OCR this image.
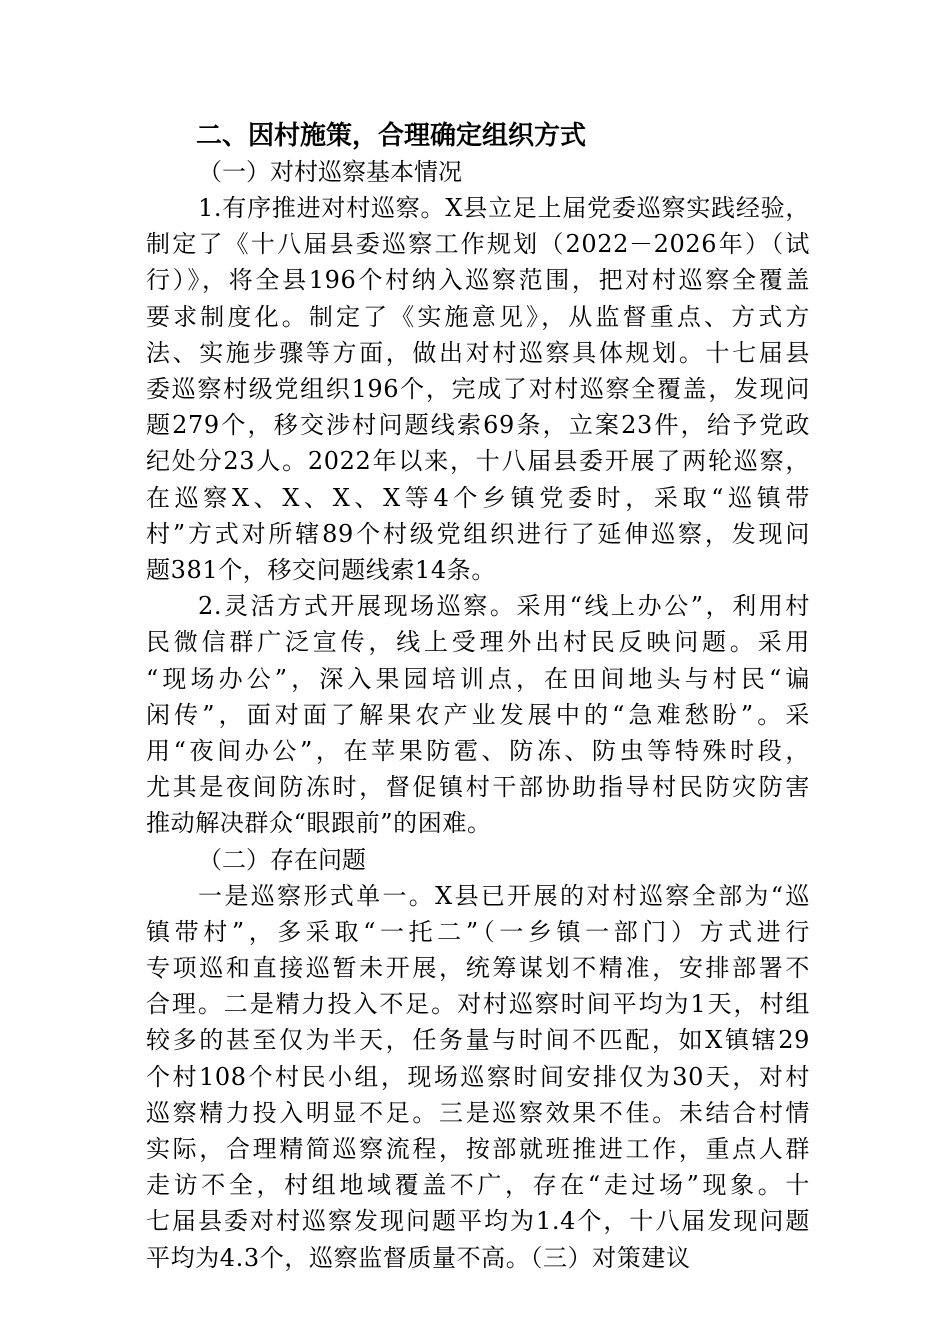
二、因村施策，合理确定组织方式

（一）对村巡察基本情况

1.有序推进对村巡察。X县立足上届党委巡察实践经验，
制定了《十八届县委巡察工作规划（2022－2026年）（试
行）》，将全县196个村纳入巡察范围，把对村巡察全覆盖
要求制度化。制定了《实施意见》，从监督重点、方式方
法、实施步骤等方面，做出对村巡察具体规划。十七届县
委巡察村级党组织196个，完成了对村巡察全覆盖，发现问
题279个，移交涉村问题线索69条，立案23件，给予党政
纪处分23人。2022年以来，十八届县委开展了两轮巡察，
在巡察X、X、X、X等4个乡镇党委时，采取“巡镇带
村”方式对所辖89个村级党组织进行了延伸巡察，发现问
题381个，移交问题线索14条。
2.灵活方式开展现场巡察。采用“线上办公”，利用村
民微信群广泛宣传，线上受理外出村民反映问题。采用
“现场办公”，深入果园培训点，在田间地头与村民“谝
闲传”，面对面了解果农产业发展中的“急难愁盼”。采
用“夜间办公”，在苹果防雹、防冻、防虫等特殊时段，
尤其是夜间防冻时，督促镇村干部协助指导村民防灾防害
推动解决群众“眼跟前”的困难。

（二）存在问题

一是巡察形式单一。X县已开展的对村巡察全部为“巡
镇带村”，多采取“一托二”（一乡镇一部门）方式进行
专项巡和直接巡暂未开展，统筹谋划不精准，安排部署不
合理。二是精力投入不足。对村巡察时间平均为1天，村组
较多的甚至仅为半天，任务量与时间不匹配，如X镇辖29
个村108个村民小组，现场巡察时间安排仅为30天，对村
巡察精力投入明显不足。三是巡察效果不佳。未结合村情
实际，合理精简巡察流程，按部就班推进工作，重点人群
走访不全，村组地域覆盖不广，存在“走过场”现象。十
七届县委对村巡察发现问题平均为1.4个，十八届发现问题
平均为4.3个，巡察监督质量不高。（三）对策建议
